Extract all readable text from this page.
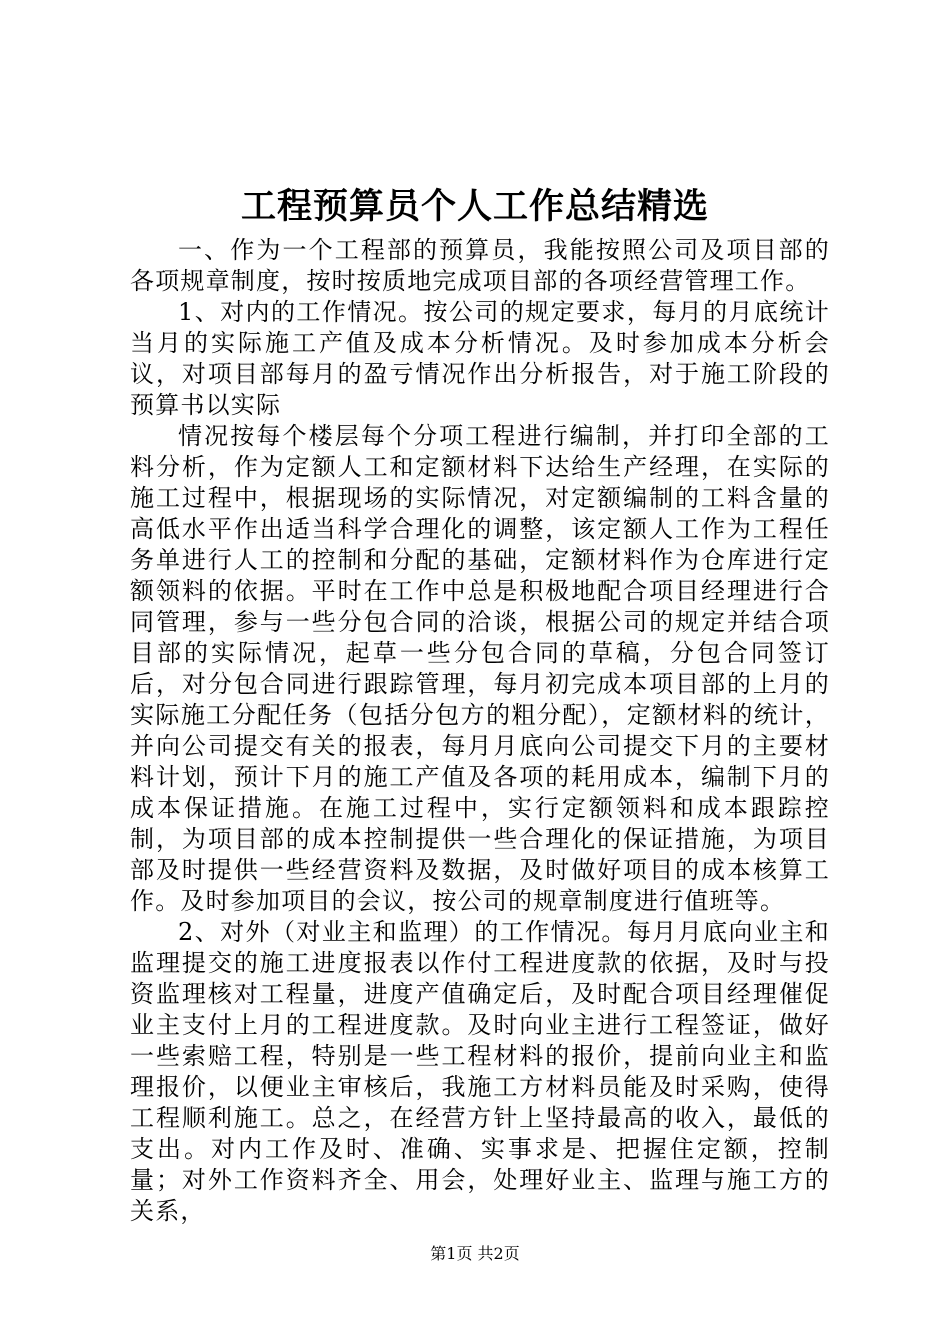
工程预算员个人工作总结精选

一、作为一个工程部的预算员，我能按照公司及项目部的各项规章制度，按时按质地完成项目部的各项经营管理工作。

1、对内的工作情况。按公司的规定要求，每月的月底统计当月的实际施工产值及成本分析情况。及时参加成本分析会议，对项目部每月的盈亏情况作出分析报告，对于施工阶段的预算书以实际

情况按每个楼层每个分项工程进行编制，并打印全部的工料分析，作为定额人工和定额材料下达给生产经理，在实际的施工过程中，根据现场的实际情况，对定额编制的工料含量的高低水平作出适当科学合理化的调整，该定额人工作为工程任务单进行人工的控制和分配的基础，定额材料作为仓库进行定额领料的依据。平时在工作中总是积极地配合项目经理进行合同管理，参与一些分包合同的洽谈，根据公司的规定并结合项目部的实际情况，起草一些分包合同的草稿，分包合同签订后，对分包合同进行跟踪管理，每月初完成本项目部的上月的实际施工分配任务（包括分包方的粗分配），定额材料的统计，并向公司提交有关的报表，每月月底向公司提交下月的主要材料计划，预计下月的施工产值及各项的耗用成本，编制下月的成本保证措施。在施工过程中，实行定额领料和成本跟踪控制，为项目部的成本控制提供一些合理化的保证措施，为项目部及时提供一些经营资料及数据，及时做好项目的成本核算工作。及时参加项目的会议，按公司的规章制度进行值班等。

2、对外（对业主和监理）的工作情况。每月月底向业主和监理提交的施工进度报表以作付工程进度款的依据，及时与投资监理核对工程量，进度产值确定后，及时配合项目经理催促业主支付上月的工程进度款。及时向业主进行工程签证，做好一些索赔工程，特别是一些工程材料的报价，提前向业主和监理报价，以便业主审核后，我施工方材料员能及时采购，使得工程顺利施工。总之，在经营方针上坚持最高的收入，最低的支出。对内工作及时、准确、实事求是、把握住定额，控制量；对外工作资料齐全、用会，处理好业主、监理与施工方的关系，

第1页 共2页
